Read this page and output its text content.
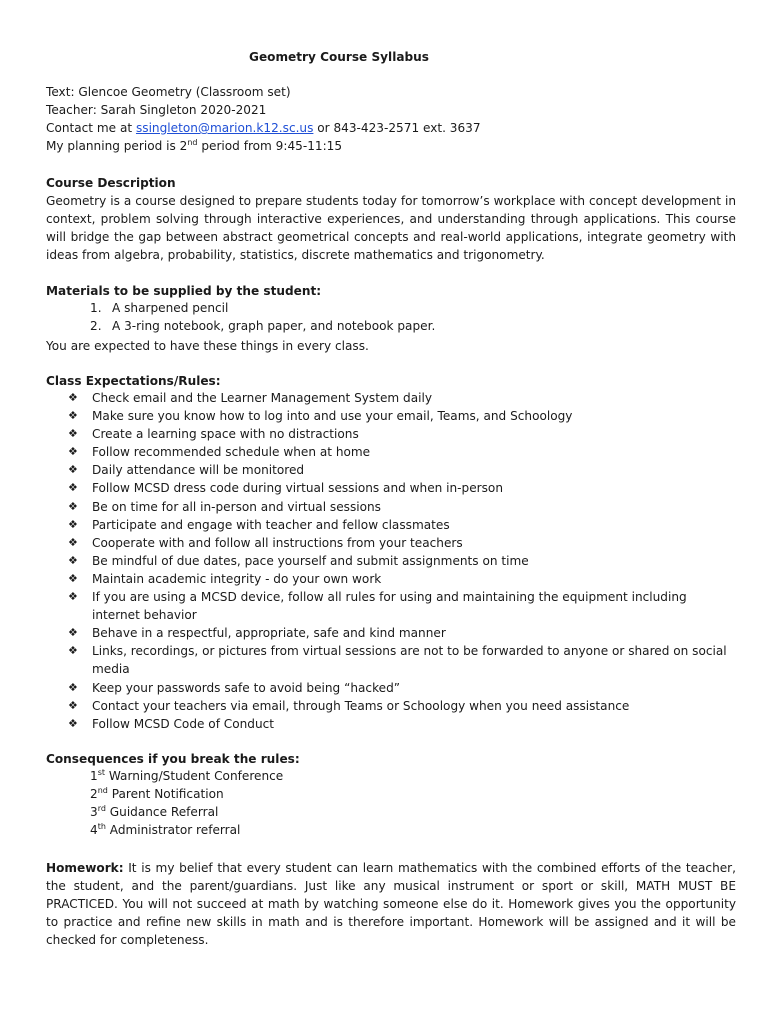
Geometry Course Syllabus
Text: Glencoe Geometry (Classroom set)
Teacher: Sarah Singleton 2020-2021
Contact me at ssingleton@marion.k12.sc.us or 843-423-2571 ext. 3637
My planning period is 2nd period from 9:45-11:15
Course Description
Geometry is a course designed to prepare students today for tomorrow’s workplace with concept development in context, problem solving through interactive experiences, and understanding through applications. This course will bridge the gap between abstract geometrical concepts and real-world applications, integrate geometry with ideas from algebra, probability, statistics, discrete mathematics and trigonometry.
Materials to be supplied by the student:
1. A sharpened pencil
2. A 3-ring notebook, graph paper, and notebook paper.
You are expected to have these things in every class.
Class Expectations/Rules:
❖	Check email and the Learner Management System daily
❖	Make sure you know how to log into and use your email, Teams, and Schoology
❖	Create a learning space with no distractions
❖	Follow recommended schedule when at home
❖	Daily attendance will be monitored
❖	Follow MCSD dress code during virtual sessions and when in-person
❖	Be on time for all in-person and virtual sessions
❖	Participate and engage with teacher and fellow classmates
❖	Cooperate with and follow all instructions from your teachers
❖	Be mindful of due dates, pace yourself and submit assignments on time
❖	Maintain academic integrity - do your own work
❖	If you are using a MCSD device, follow all rules for using and maintaining the equipment including internet behavior
❖	Behave in a respectful, appropriate, safe and kind manner
❖	Links, recordings, or pictures from virtual sessions are not to be forwarded to anyone or shared on social media
❖	Keep your passwords safe to avoid being “hacked”
❖	Contact your teachers via email, through Teams or Schoology when you need assistance
❖	Follow MCSD Code of Conduct
Consequences if you break the rules:
1st Warning/Student Conference
2nd Parent Notification
3rd Guidance Referral
4th Administrator referral
Homework: It is my belief that every student can learn mathematics with the combined efforts of the teacher, the student, and the parent/guardians. Just like any musical instrument or sport or skill, MATH MUST BE PRACTICED. You will not succeed at math by watching someone else do it. Homework gives you the opportunity to practice and refine new skills in math and is therefore important. Homework will be assigned and it will be checked for completeness.
